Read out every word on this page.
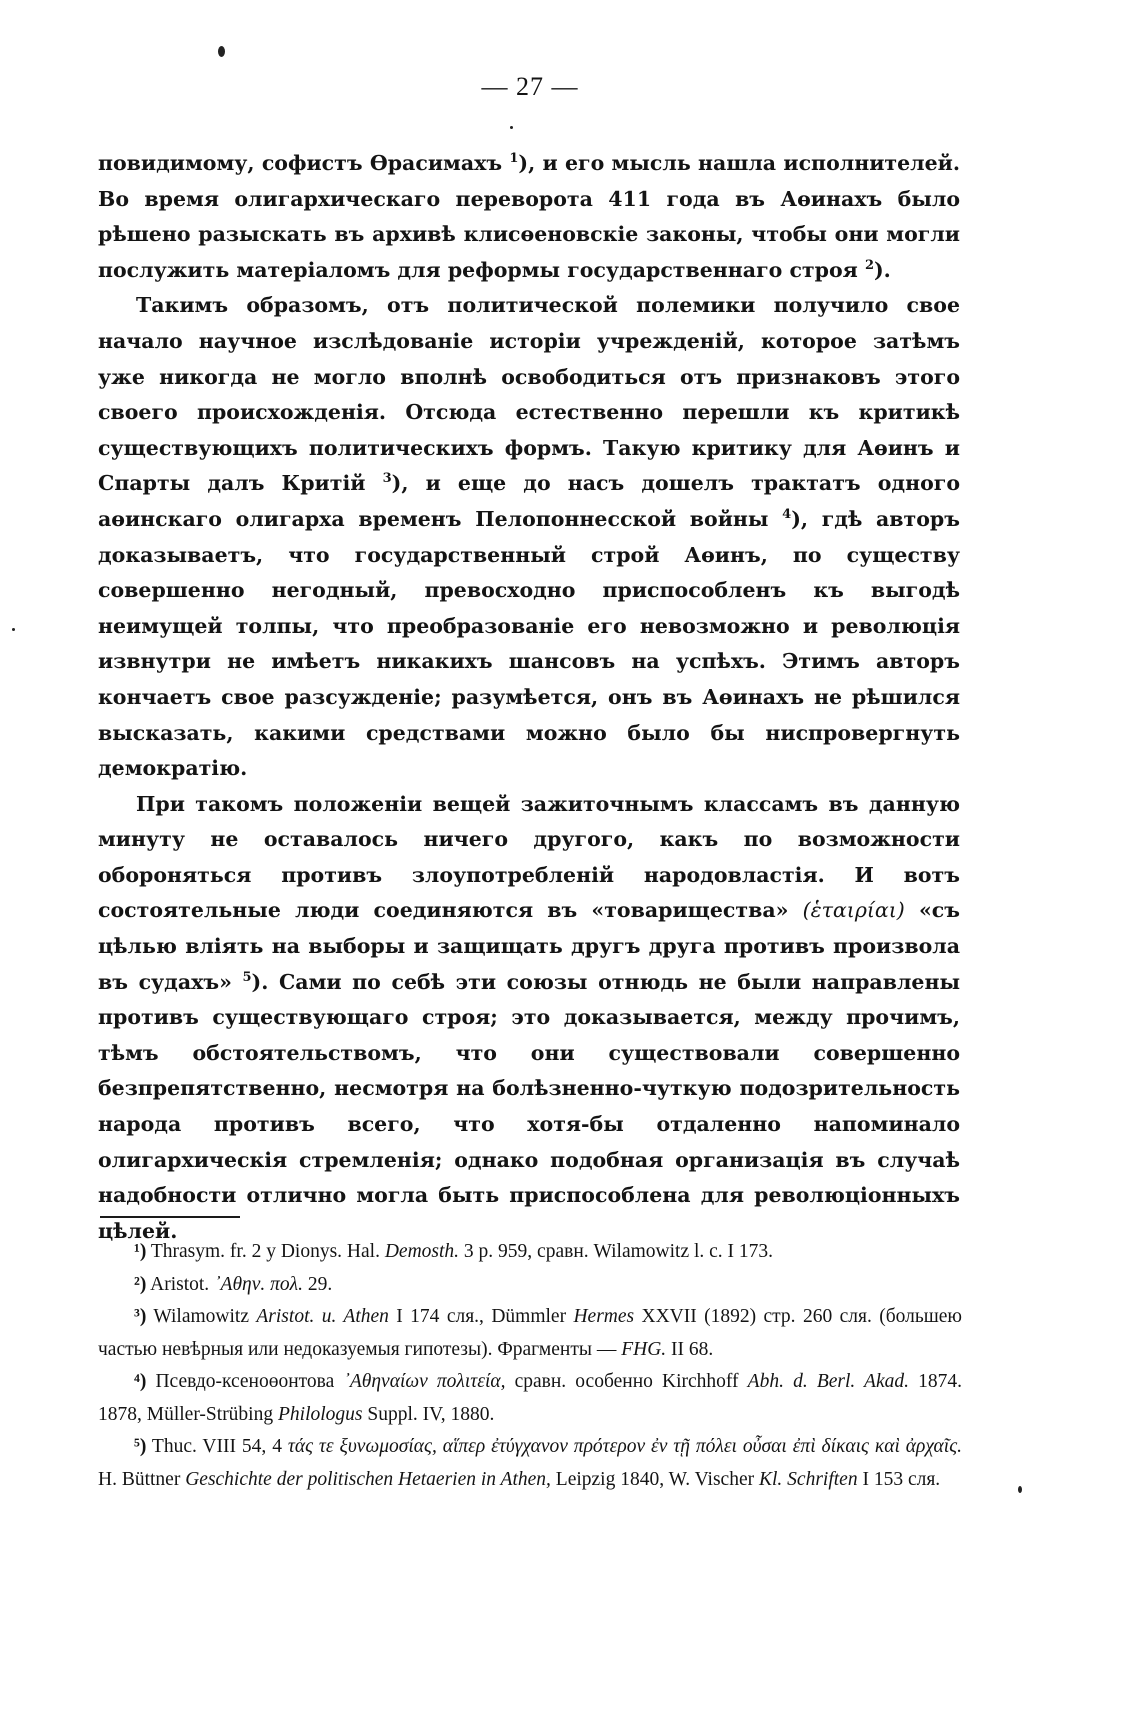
— 27 —

повидимому, софистъ Өрасимахъ $^1$), и его мысль нашла исполнителей. Во время олигархическаго переворота 411 года въ Аөинахъ было рѣшено разыскать въ архивѣ клисөеновскіе законы, чтобы они могли послужить матеріаломъ для реформы государственнаго строя $^2$).

Такимъ образомъ, отъ политической полемики получило свое начало научное изслѣдованіе исторіи учрежденій, которое затѣмъ уже никогда не могло вполнѣ освободиться отъ признаковъ этого своего происхожденія. Отсюда естественно перешли къ критикѣ существующихъ политическихъ формъ. Такую критику для Аөинъ и Спарты далъ Критій $^3$), и еще до насъ дошелъ трактатъ одного аөинскаго олигарха временъ Пелопоннесской войны $^4$), гдѣ авторъ доказываетъ, что государственный строй Аөинъ, по существу совершенно негодный, превосходно приспособленъ къ выгодѣ неимущей толпы, что преобразованіе его невозможно и революція извнутри не имѣетъ никакихъ шансовъ на успѣхъ. Этимъ авторъ кончаетъ свое разсужденіе; разумѣется, онъ въ Аөинахъ не рѣшился высказать, какими средствами можно было бы ниспровергнуть демократію.

При такомъ положеніи вещей зажиточнымъ классамъ въ данную минуту не оставалось ничего другого, какъ по возможности обороняться противъ злоупотребленій народовластія. И вотъ состоятельные люди соединяются въ «товарищества» (ἑταιρίαι) «съ цѣлью вліять на выборы и защищать другъ друга противъ произвола въ судахъ» $^5$). Сами по себѣ эти союзы отнюдь не были направлены противъ существующаго строя; это доказывается, между прочимъ, тѣмъ обстоятельствомъ, что они существовали совершенно безпрепятственно, несмотря на болѣзненно-чуткую подозрительность народа противъ всего, что хотя-бы отдаленно напоминало олигархическія стремленія; однако подобная организація въ случаѣ надобности отлично могла быть приспособлена для революціонныхъ цѣлей.

¹) Thrasym. fr. 2 y Dionys. Hal. Demosth. 3 p. 959, сравн. Wilamowitz l. c. I 173.

²) Aristot. ᾽Αθην. πολ. 29.

³) Wilamowitz Aristot. u. Athen I 174 сля., Dümmler Hermes XXVII (1892) стр. 260 сля. (большею частью невѣрныя или недоказуемыя гипотезы). Фрагменты — FHG. II 68.

⁴) Псевдо-ксеноөонтова ᾽Αθηναίων πολιτεία, сравн. особенно Kirchhoff Abh. d. Berl. Akad. 1874. 1878, Müller-Strübing Philologus Suppl. IV, 1880.

⁵) Thuc. VIII 54, 4 τάς τε ξυνωμοσίας, αἵπερ ἐτύγχανον πρότερον ἐν τῇ πόλει οὖσαι ἐπὶ δίκαις καὶ ἀρχαῖς. H. Büttner Geschichte der politischen Hetaerien in Athen, Leipzig 1840, W. Vischer Kl. Schriften I 153 сля.
